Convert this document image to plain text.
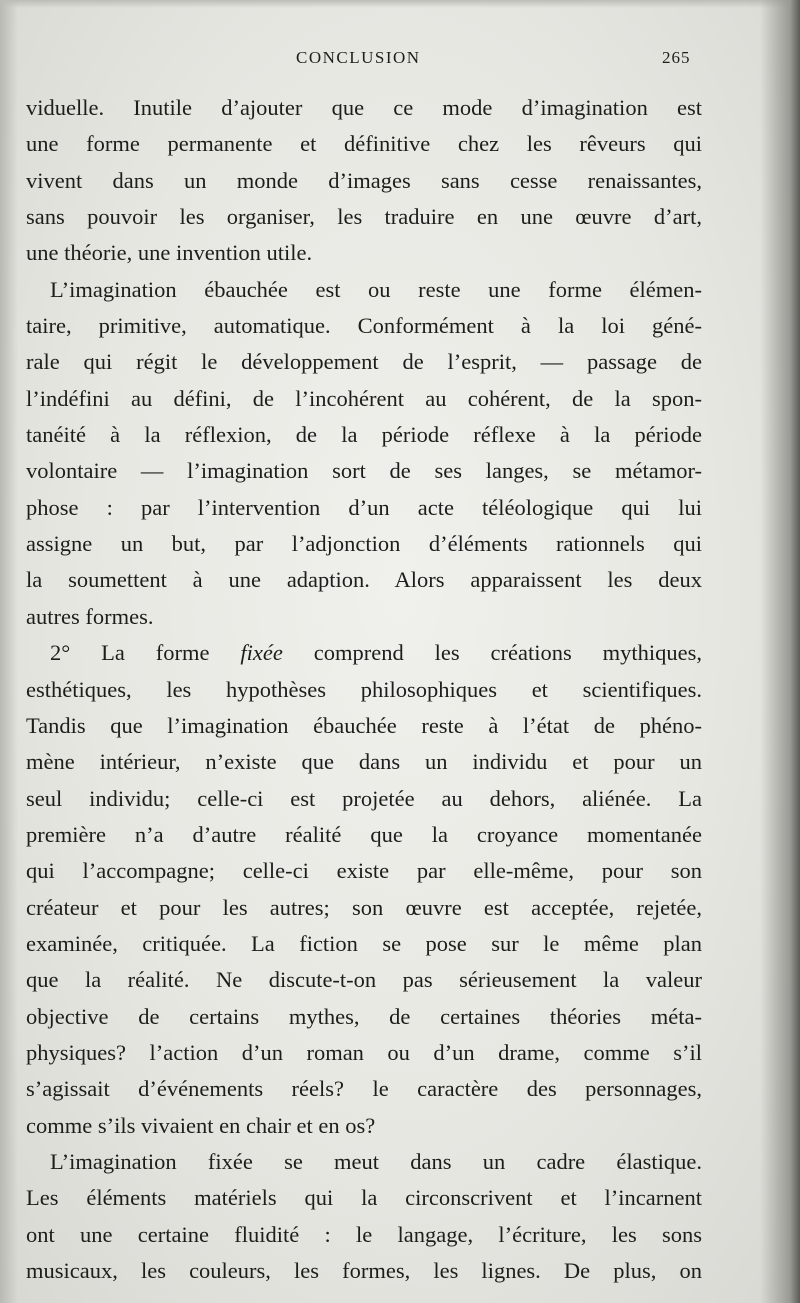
CONCLUSION	265
viduelle. Inutile d’ajouter que ce mode d’imagination est
une forme permanente et définitive chez les rêveurs qui
vivent dans un monde d’images sans cesse renaissantes,
sans pouvoir les organiser, les traduire en une œuvre d’art,
une théorie, une invention utile.
L’imagination ébauchée est ou reste une forme élémen-
taire, primitive, automatique. Conformément à la loi géné-
rale qui régit le développement de l’esprit, — passage de
l’indéfini au défini, de l’incohérent au cohérent, de la spon-
tanéité à la réflexion, de la période réflexe à la période
volontaire — l’imagination sort de ses langes, se métamor-
phose : par l’intervention d’un acte téléologique qui lui
assigne un but, par l’adjonction d’éléments rationnels qui
la soumettent à une adaption. Alors apparaissent les deux
autres formes.
2° La forme fixée comprend les créations mythiques,
esthétiques, les hypothèses philosophiques et scientifiques.
Tandis que l’imagination ébauchée reste à l’état de phéno-
mène intérieur, n’existe que dans un individu et pour un
seul individu; celle-ci est projetée au dehors, aliénée. La
première n’a d’autre réalité que la croyance momentanée
qui l’accompagne; celle-ci existe par elle-même, pour son
créateur et pour les autres; son œuvre est acceptée, rejetée,
examinée, critiquée. La fiction se pose sur le même plan
que la réalité. Ne discute-t-on pas sérieusement la valeur
objective de certains mythes, de certaines théories méta-
physiques? l’action d’un roman ou d’un drame, comme s’il
s’agissait d’événements réels? le caractère des personnages,
comme s’ils vivaient en chair et en os?
L’imagination fixée se meut dans un cadre élastique.
Les éléments matériels qui la circonscrivent et l’incarnent
ont une certaine fluidité : le langage, l’écriture, les sons
musicaux, les couleurs, les formes, les lignes. De plus, on
